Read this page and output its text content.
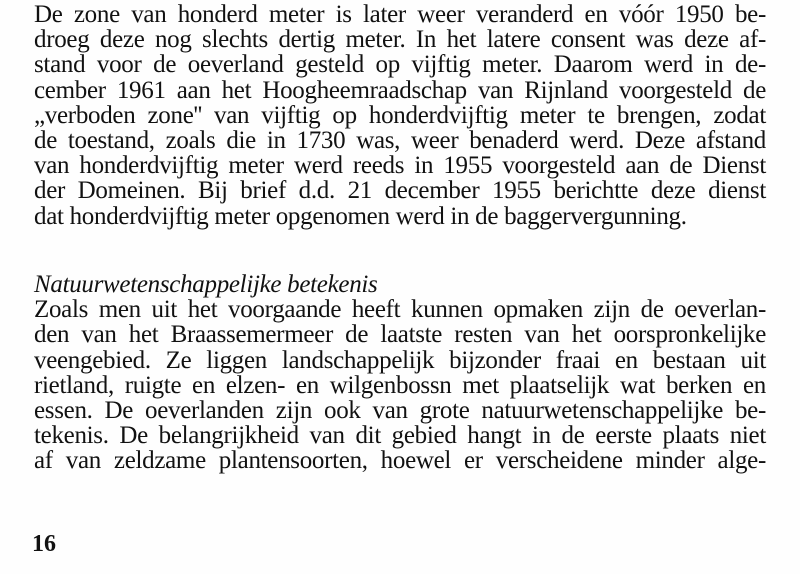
De zone van honderd meter is later weer veranderd en vóór 1950 be-
droeg deze nog slechts dertig meter. In het latere consent was deze af-
stand voor de oeverland gesteld op vijftig meter. Daarom werd in de-
cember 1961 aan het Hoogheemraadschap van Rijnland voorgesteld de
„verboden zone'' van vijftig op honderdvijftig meter te brengen, zodat
de toestand, zoals die in 1730 was, weer benaderd werd. Deze afstand
van honderdvijftig meter werd reeds in 1955 voorgesteld aan de Dienst
der Domeinen. Bij brief d.d. 21 december 1955 berichtte deze dienst
dat honderdvijftig meter opgenomen werd in de baggervergunning.
Natuurwetenschappelijke betekenis
Zoals men uit het voorgaande heeft kunnen opmaken zijn de oeverlan-
den van het Braassemermeer de laatste resten van het oorspronkelijke
veengebied. Ze liggen landschappelijk bijzonder fraai en bestaan uit
rietland, ruigte en elzen- en wilgenbossn met plaatselijk wat berken en
essen. De oeverlanden zijn ook van grote natuurwetenschappelijke be-
tekenis. De belangrijkheid van dit gebied hangt in de eerste plaats niet
af van zeldzame plantensoorten, hoewel er verscheidene minder alge-
16
